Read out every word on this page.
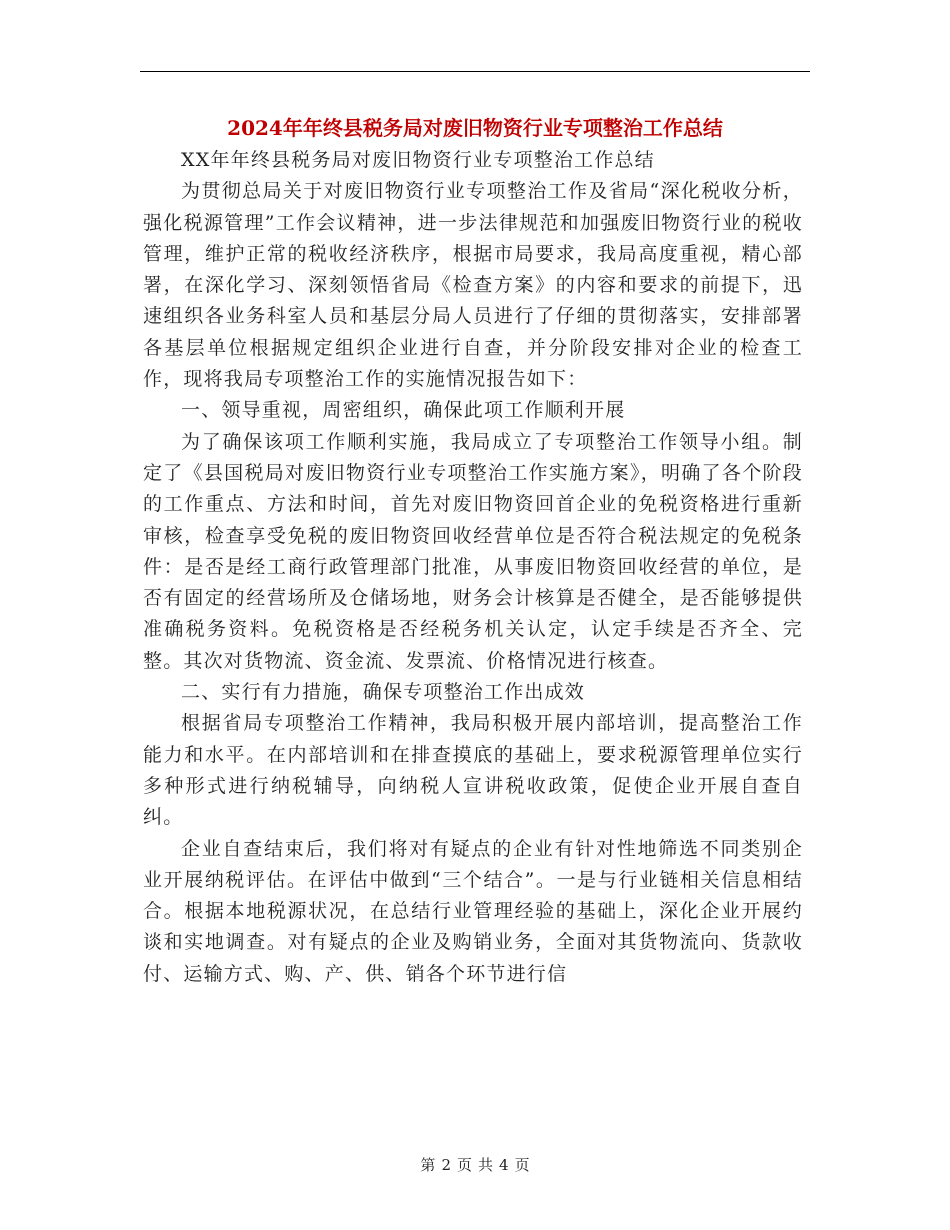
2024年年终县税务局对废旧物资行业专项整治工作总结

XX年年终县税务局对废旧物资行业专项整治工作总结

为贯彻总局关于对废旧物资行业专项整治工作及省局“深化税收分析，强化税源管理”工作会议精神，进一步法律规范和加强废旧物资行业的税收管理，维护正常的税收经济秩序，根据市局要求，我局高度重视，精心部署，在深化学习、深刻领悟省局《检查方案》的内容和要求的前提下，迅速组织各业务科室人员和基层分局人员进行了仔细的贯彻落实，安排部署各基层单位根据规定组织企业进行自查，并分阶段安排对企业的检查工作，现将我局专项整治工作的实施情况报告如下：

一、领导重视，周密组织，确保此项工作顺利开展

为了确保该项工作顺利实施，我局成立了专项整治工作领导小组。制定了《县国税局对废旧物资行业专项整治工作实施方案》，明确了各个阶段的工作重点、方法和时间，首先对废旧物资回首企业的免税资格进行重新审核，检查享受免税的废旧物资回收经营单位是否符合税法规定的免税条件：是否是经工商行政管理部门批准，从事废旧物资回收经营的单位，是否有固定的经营场所及仓储场地，财务会计核算是否健全，是否能够提供准确税务资料。免税资格是否经税务机关认定，认定手续是否齐全、完整。其次对货物流、资金流、发票流、价格情况进行核查。

二、实行有力措施，确保专项整治工作出成效

根据省局专项整治工作精神，我局积极开展内部培训，提高整治工作能力和水平。在内部培训和在排查摸底的基础上，要求税源管理单位实行多种形式进行纳税辅导，向纳税人宣讲税收政策，促使企业开展自查自纠。

企业自查结束后，我们将对有疑点的企业有针对性地筛选不同类别企业开展纳税评估。在评估中做到“三个结合”。一是与行业链相关信息相结合。根据本地税源状况，在总结行业管理经验的基础上，深化企业开展约谈和实地调查。对有疑点的企业及购销业务，全面对其货物流向、货款收付、运输方式、购、产、供、销各个环节进行信

第 2 页 共 4 页
